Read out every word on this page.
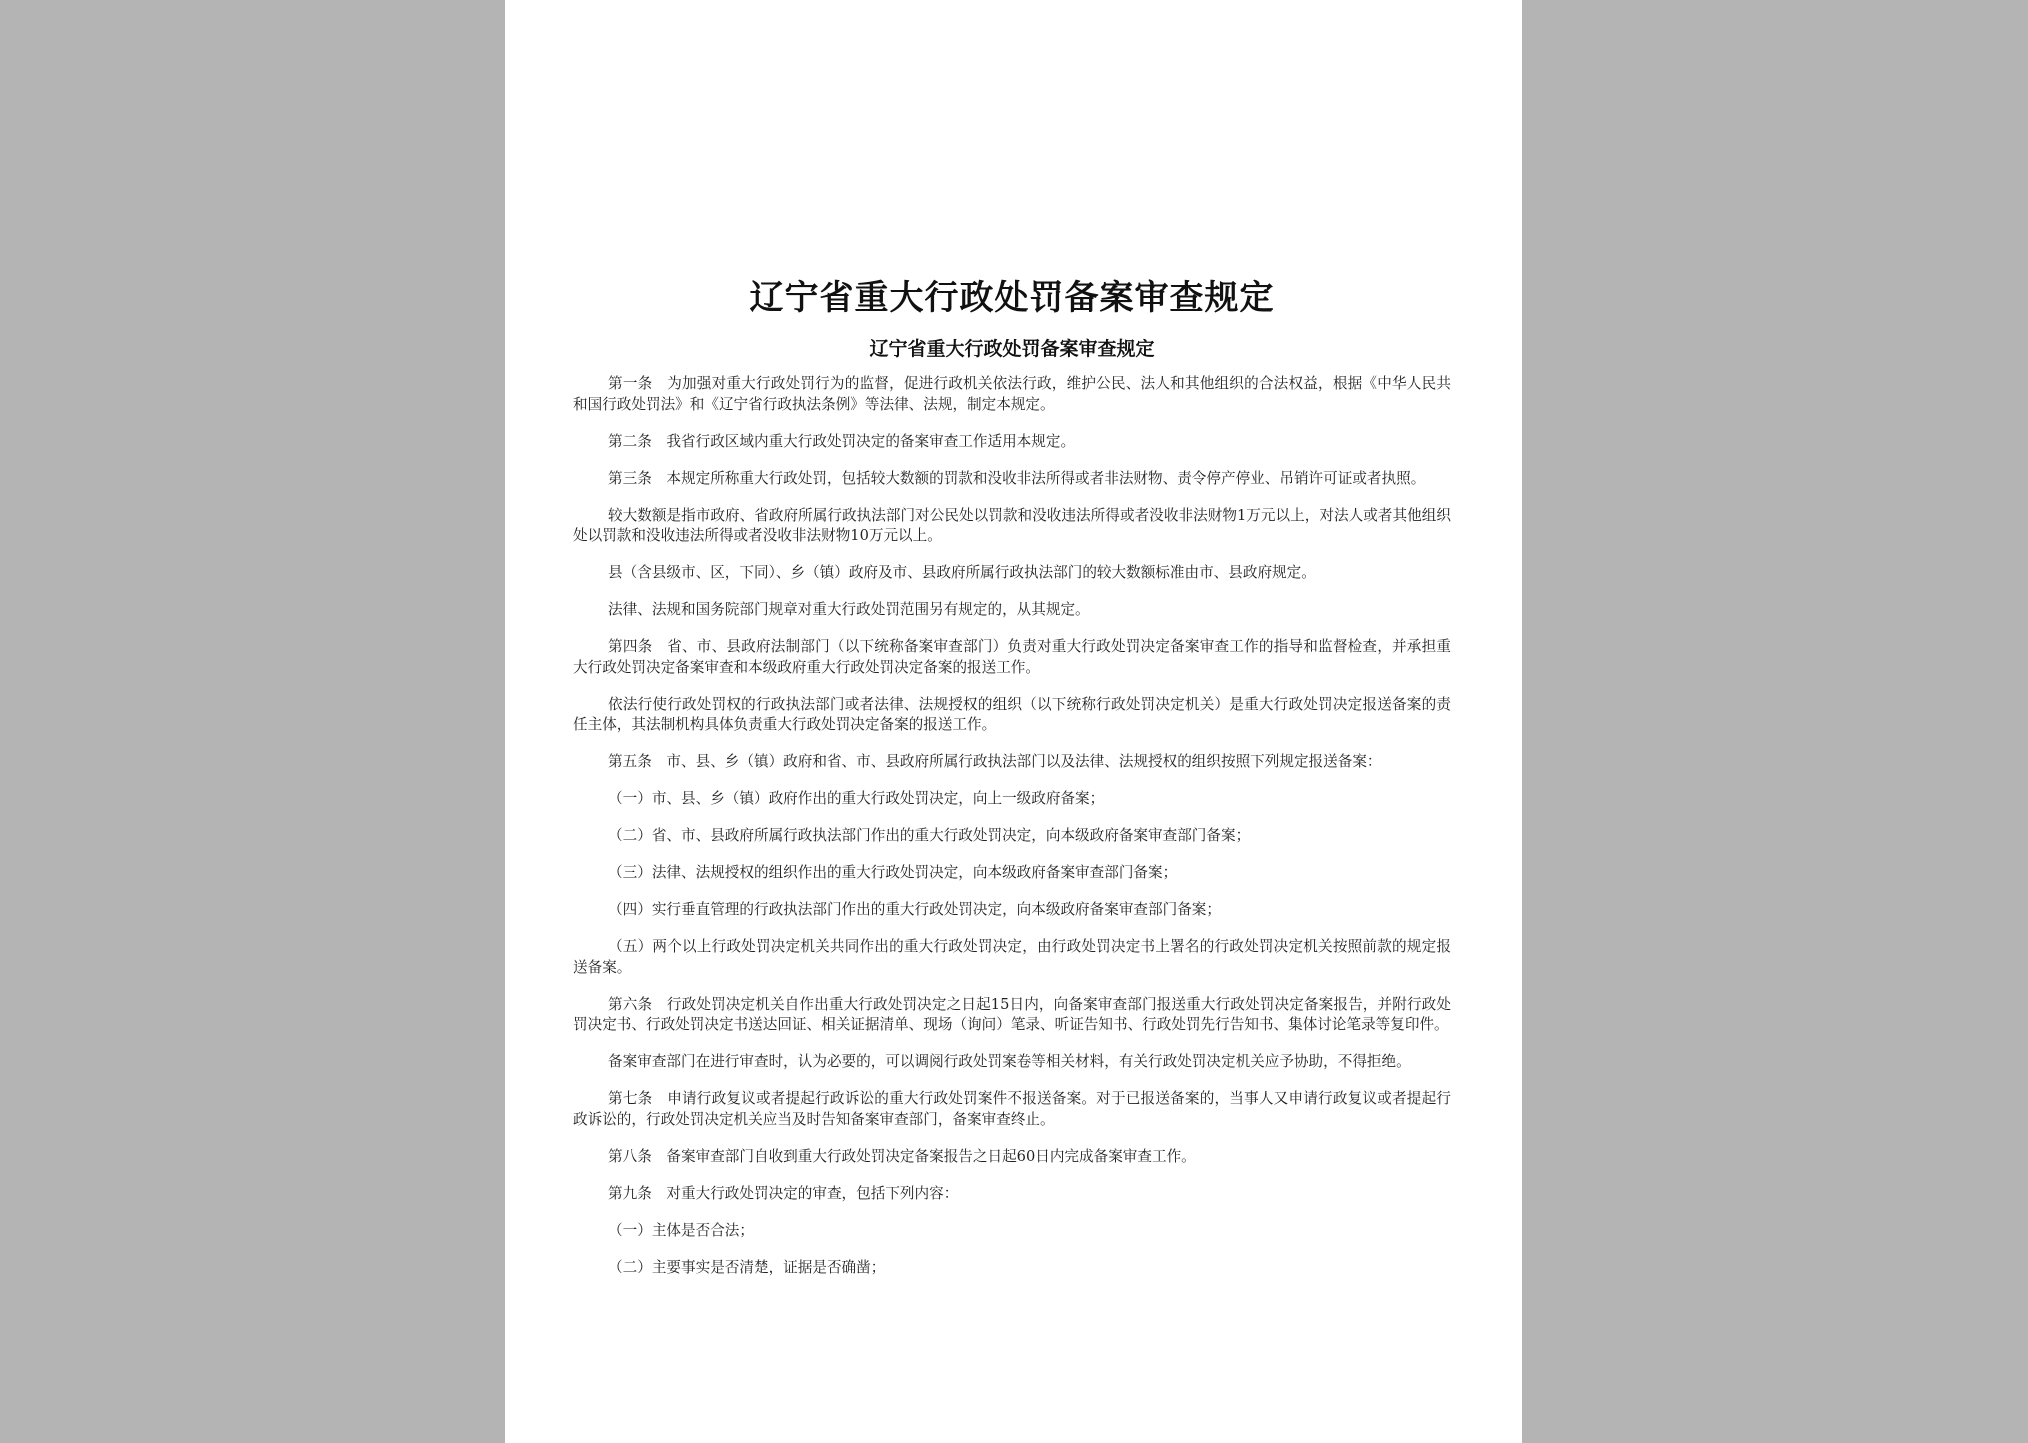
辽宁省重大行政处罚备案审查规定
辽宁省重大行政处罚备案审查规定

第一条　为加强对重大行政处罚行为的监督，促进行政机关依法行政，维护公民、法人和其他组织的合法权益，根据《中华人民共和国行政处罚法》和《辽宁省行政执法条例》等法律、法规，制定本规定。

第二条　我省行政区域内重大行政处罚决定的备案审查工作适用本规定。

第三条　本规定所称重大行政处罚，包括较大数额的罚款和没收非法所得或者非法财物、责令停产停业、吊销许可证或者执照。

较大数额是指市政府、省政府所属行政执法部门对公民处以罚款和没收违法所得或者没收非法财物1万元以上，对法人或者其他组织处以罚款和没收违法所得或者没收非法财物10万元以上。

县（含县级市、区，下同）、乡（镇）政府及市、县政府所属行政执法部门的较大数额标准由市、县政府规定。

法律、法规和国务院部门规章对重大行政处罚范围另有规定的，从其规定。

第四条　省、市、县政府法制部门（以下统称备案审查部门）负责对重大行政处罚决定备案审查工作的指导和监督检查，并承担重大行政处罚决定备案审查和本级政府重大行政处罚决定备案的报送工作。

依法行使行政处罚权的行政执法部门或者法律、法规授权的组织（以下统称行政处罚决定机关）是重大行政处罚决定报送备案的责任主体，其法制机构具体负责重大行政处罚决定备案的报送工作。

第五条　市、县、乡（镇）政府和省、市、县政府所属行政执法部门以及法律、法规授权的组织按照下列规定报送备案：

（一）市、县、乡（镇）政府作出的重大行政处罚决定，向上一级政府备案；

（二）省、市、县政府所属行政执法部门作出的重大行政处罚决定，向本级政府备案审查部门备案；

（三）法律、法规授权的组织作出的重大行政处罚决定，向本级政府备案审查部门备案；

（四）实行垂直管理的行政执法部门作出的重大行政处罚决定，向本级政府备案审查部门备案；

（五）两个以上行政处罚决定机关共同作出的重大行政处罚决定，由行政处罚决定书上署名的行政处罚决定机关按照前款的规定报送备案。

第六条　行政处罚决定机关自作出重大行政处罚决定之日起15日内，向备案审查部门报送重大行政处罚决定备案报告，并附行政处罚决定书、行政处罚决定书送达回证、相关证据清单、现场（询问）笔录、听证告知书、行政处罚先行告知书、集体讨论笔录等复印件。

备案审查部门在进行审查时，认为必要的，可以调阅行政处罚案卷等相关材料，有关行政处罚决定机关应予协助，不得拒绝。

第七条　申请行政复议或者提起行政诉讼的重大行政处罚案件不报送备案。对于已报送备案的，当事人又申请行政复议或者提起行政诉讼的，行政处罚决定机关应当及时告知备案审查部门，备案审查终止。

第八条　备案审查部门自收到重大行政处罚决定备案报告之日起60日内完成备案审查工作。

第九条　对重大行政处罚决定的审查，包括下列内容：

（一）主体是否合法；

（二）主要事实是否清楚，证据是否确凿；
